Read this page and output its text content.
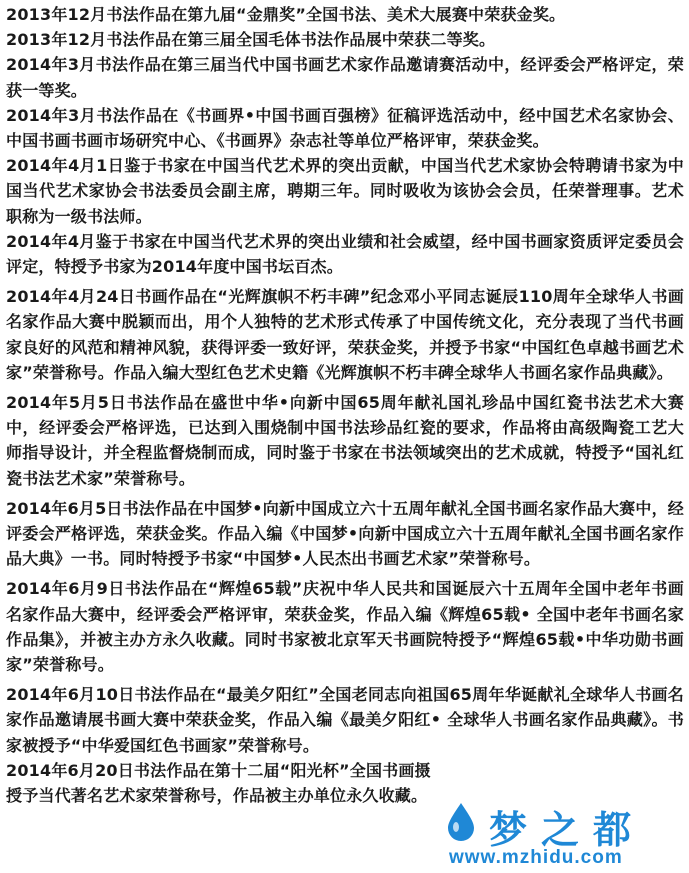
2013年12月书法作品在第九届“金鼎奖”全国书法、美术大展赛中荣获金奖。

2013年12月书法作品在第三届全国毛体书法作品展中荣获二等奖。

2014年3月书法作品在第三届当代中国书画艺术家作品邀请赛活动中，经评委会严格评定，荣获一等奖。

2014年3月书法作品在《书画界•中国书画百强榜》征稿评选活动中，经中国艺术名家协会、中国书画书画市场研究中心、《书画界》杂志社等单位严格评审，荣获金奖。

2014年4月1日鉴于书家在中国当代艺术界的突出贡献，中国当代艺术家协会特聘请书家为中国当代艺术家协会书法委员会副主席，聘期三年。同时吸收为该协会会员，任荣誉理事。艺术职称为一级书法师。

2014年4月鉴于书家在中国当代艺术界的突出业绩和社会威望，经中国书画家资质评定委员会评定，特授予书家为2014年度中国书坛百杰。

2014年4月24日书画作品在“光辉旗帜不朽丰碑”纪念邓小平同志诞辰110周年全球华人书画名家作品大赛中脱颖而出，用个人独特的艺术形式传承了中国传统文化，充分表现了当代书画家良好的风范和精神风貌，获得评委一致好评，荣获金奖，并授予书家“中国红色卓越书画艺术家”荣誉称号。作品入编大型红色艺术史籍《光辉旗帜不朽丰碑全球华人书画名家作品典藏》。

2014年5月5日书法作品在盛世中华•向新中国65周年献礼国礼珍品中国红瓷书法艺术大赛中，经评委会严格评选，已达到入围烧制中国书法珍品红瓷的要求，作品将由高级陶瓷工艺大师指导设计，并全程监督烧制而成，同时鉴于书家在书法领域突出的艺术成就，特授予“国礼红瓷书法艺术家”荣誉称号。

2014年6月5日书法作品在中国梦•向新中国成立六十五周年献礼全国书画名家作品大赛中，经评委会严格评选，荣获金奖。作品入编《中国梦•向新中国成立六十五周年献礼全国书画名家作品大典》一书。同时特授予书家“中国梦•人民杰出书画艺术家”荣誉称号。

2014年6月9日书法作品在“辉煌65载”庆祝中华人民共和国诞辰六十五周年全国中老年书画名家作品大赛中，经评委会严格评审，荣获金奖，作品入编《辉煌65载• 全国中老年书画名家作品集》，并被主办方永久收藏。同时书家被北京军天书画院特授予“辉煌65载•中华功勋书画家”荣誉称号。

2014年6月10日书法作品在“最美夕阳红”全国老同志向祖国65周年华诞献礼全球华人书画名家作品邀请展书画大赛中荣获金奖，作品入编《最美夕阳红• 全球华人书画名家作品典藏》。书家被授予“中华爱国红色书画家”荣誉称号。

2014年6月20日书法作品在第十二届“阳光杯”全国书画摄

授予当代著名艺术家荣誉称号，作品被主办单位永久收藏。

梦之都
www.mzhidu.com
